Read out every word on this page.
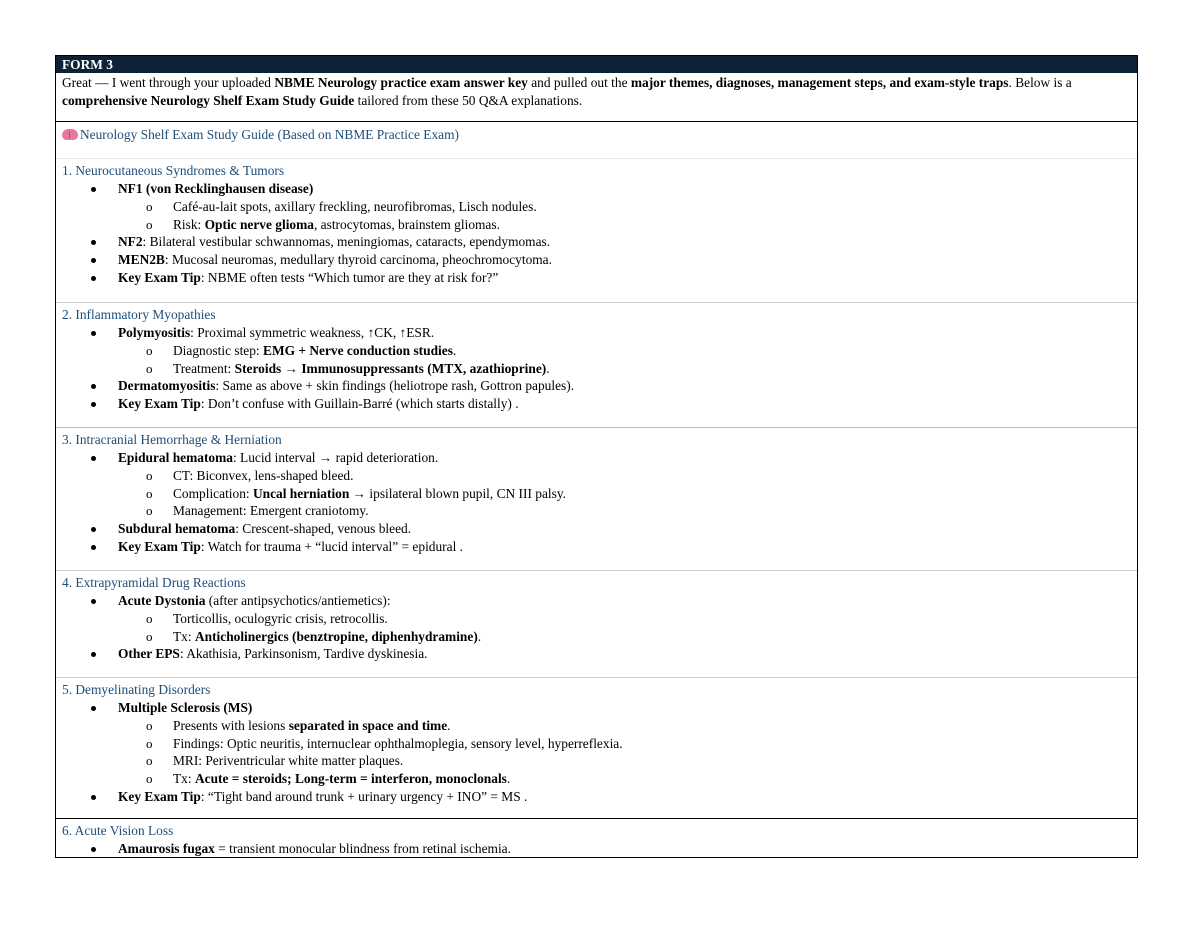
FORM 3
Great — I went through your uploaded NBME Neurology practice exam answer key and pulled out the major themes, diagnoses, management steps, and exam-style traps. Below is a comprehensive Neurology Shelf Exam Study Guide tailored from these 50 Q&A explanations.
Neurology Shelf Exam Study Guide (Based on NBME Practice Exam)
1. Neurocutaneous Syndromes & Tumors
NF1 (von Recklinghausen disease)
o Café-au-lait spots, axillary freckling, neurofibromas, Lisch nodules.
o Risk: Optic nerve glioma, astrocytomas, brainstem gliomas.
NF2: Bilateral vestibular schwannomas, meningiomas, cataracts, ependymomas.
MEN2B: Mucosal neuromas, medullary thyroid carcinoma, pheochromocytoma.
Key Exam Tip: NBME often tests “Which tumor are they at risk for?”
2. Inflammatory Myopathies
Polymyositis: Proximal symmetric weakness, ↑CK, ↑ESR.
o Diagnostic step: EMG + Nerve conduction studies.
o Treatment: Steroids → Immunosuppressants (MTX, azathioprine).
Dermatomyositis: Same as above + skin findings (heliotrope rash, Gottron papules).
Key Exam Tip: Don’t confuse with Guillain-Barré (which starts distally) .
3. Intracranial Hemorrhage & Herniation
Epidural hematoma: Lucid interval → rapid deterioration.
o CT: Biconvex, lens-shaped bleed.
o Complication: Uncal herniation → ipsilateral blown pupil, CN III palsy.
o Management: Emergent craniotomy.
Subdural hematoma: Crescent-shaped, venous bleed.
Key Exam Tip: Watch for trauma + “lucid interval” = epidural .
4. Extrapyramidal Drug Reactions
Acute Dystonia (after antipsychotics/antiemetics):
o Torticollis, oculogyric crisis, retrocollis.
o Tx: Anticholinergics (benztropine, diphenhydramine).
Other EPS: Akathisia, Parkinsonism, Tardive dyskinesia.
5. Demyelinating Disorders
Multiple Sclerosis (MS)
o Presents with lesions separated in space and time.
o Findings: Optic neuritis, internuclear ophthalmoplegia, sensory level, hyperreflexia.
o MRI: Periventricular white matter plaques.
o Tx: Acute = steroids; Long-term = interferon, monoclonals.
Key Exam Tip: “Tight band around trunk + urinary urgency + INO” = MS .
6. Acute Vision Loss
Amaurosis fugax = transient monocular blindness from retinal ischemia.
